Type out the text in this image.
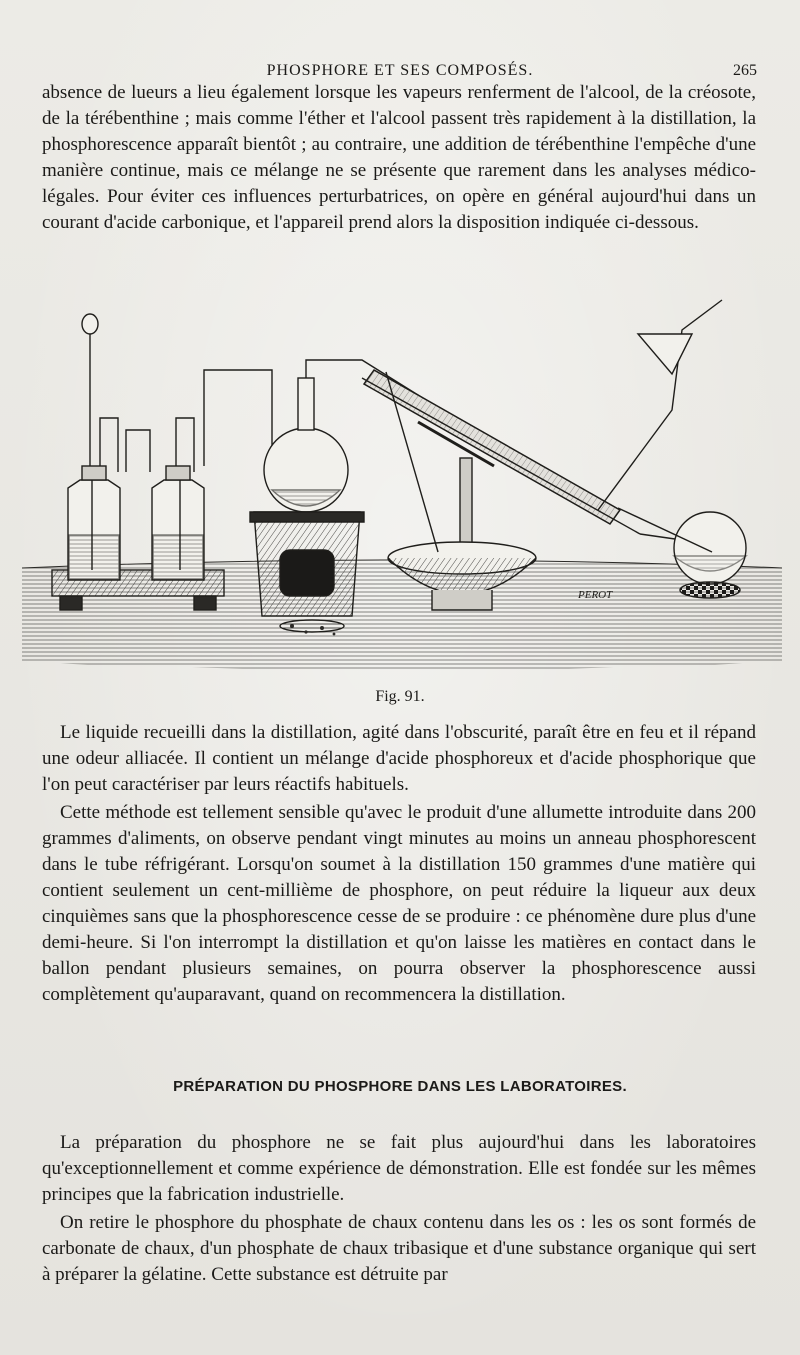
PHOSPHORE ET SES COMPOSÉS.	265

absence de lueurs a lieu également lorsque les vapeurs renferment de l'alcool, de la créosote, de la térébenthine ; mais comme l'éther et l'alcool passent très rapidement à la distillation, la phosphorescence apparaît bientôt ; au contraire, une addition de térébenthine l'empêche d'une manière continue, mais ce mélange ne se présente que rarement dans les analyses médico-légales. Pour éviter ces influences perturbatrices, on opère en général aujourd'hui dans un courant d'acide carbonique, et l'appareil prend alors la disposition indiquée ci-dessous.

PEROT
Fig. 91.

Le liquide recueilli dans la distillation, agité dans l'obscurité, paraît être en feu et il répand une odeur alliacée. Il contient un mélange d'acide phosphoreux et d'acide phosphorique que l'on peut caractériser par leurs réactifs habituels.

Cette méthode est tellement sensible qu'avec le produit d'une allumette introduite dans 200 grammes d'aliments, on observe pendant vingt minutes au moins un anneau phosphorescent dans le tube réfrigérant. Lorsqu'on soumet à la distillation 150 grammes d'une matière qui contient seulement un cent-millième de phosphore, on peut réduire la liqueur aux deux cinquièmes sans que la phosphorescence cesse de se produire : ce phénomène dure plus d'une demi-heure. Si l'on interrompt la distillation et qu'on laisse les matières en contact dans le ballon pendant plusieurs semaines, on pourra observer la phosphorescence aussi complètement qu'auparavant, quand on recommencera la distillation.

PRÉPARATION DU PHOSPHORE DANS LES LABORATOIRES.

La préparation du phosphore ne se fait plus aujourd'hui dans les laboratoires qu'exceptionnellement et comme expérience de démonstration. Elle est fondée sur les mêmes principes que la fabrication industrielle.

On retire le phosphore du phosphate de chaux contenu dans les os : les os sont formés de carbonate de chaux, d'un phosphate de chaux tribasique et d'une substance organique qui sert à préparer la gélatine. Cette substance est détruite par
